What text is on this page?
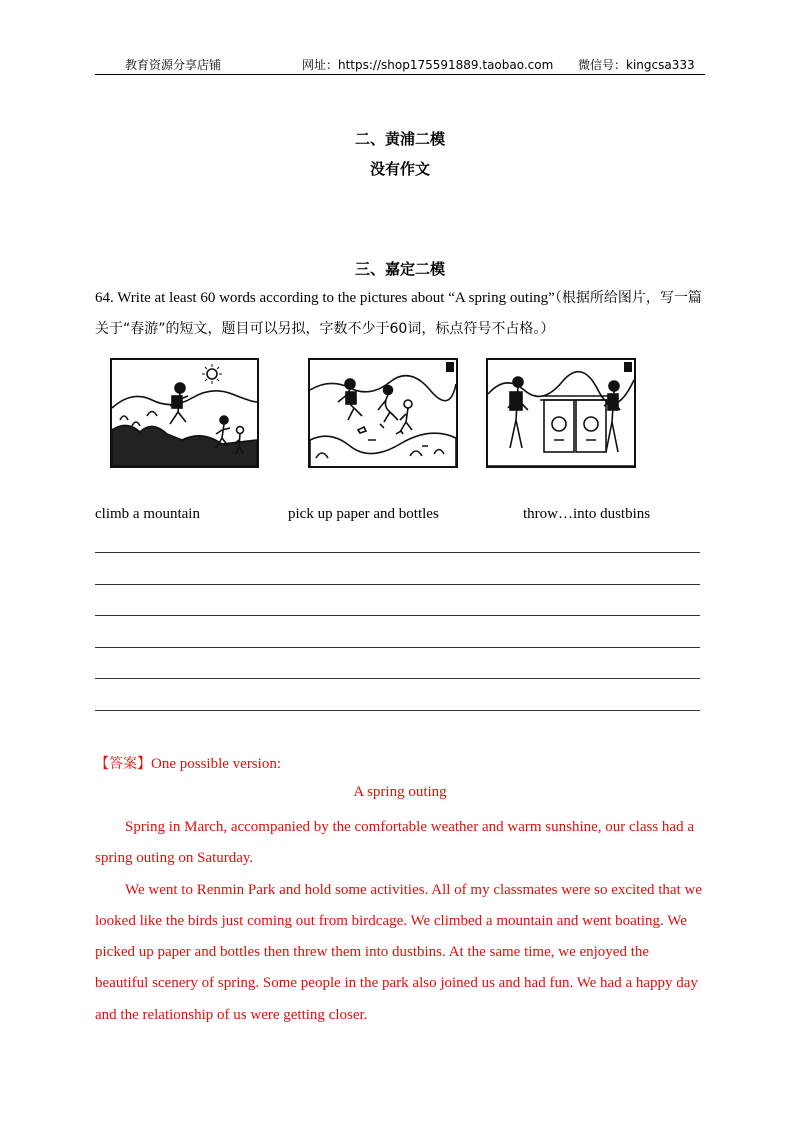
教育资源分享店铺	网址：https://shop175591889.taobao.com 微信号：kingcsa333
二、黄浦二模
没有作文
三、嘉定二模
64. Write at least 60 words according to the pictures about “A spring outing”（根据所给图片，写一篇关于“春游”的短文，题目可以另拟，字数不少于60词，标点符号不占格。）
climb a mountain	pick up paper and bottles	throw…into dustbins
【答案】One possible version:
A spring outing

Spring in March, accompanied by the comfortable weather and warm sunshine, our class had a spring outing on Saturday.

We went to Renmin Park and hold some activities. All of my classmates were so excited that we looked like the birds just coming out from birdcage. We climbed a mountain and went boating. We picked up paper and bottles then threw them into dustbins. At the same time, we enjoyed the beautiful scenery of spring. Some people in the park also joined us and had fun. We had a happy day and the relationship of us were getting closer.
